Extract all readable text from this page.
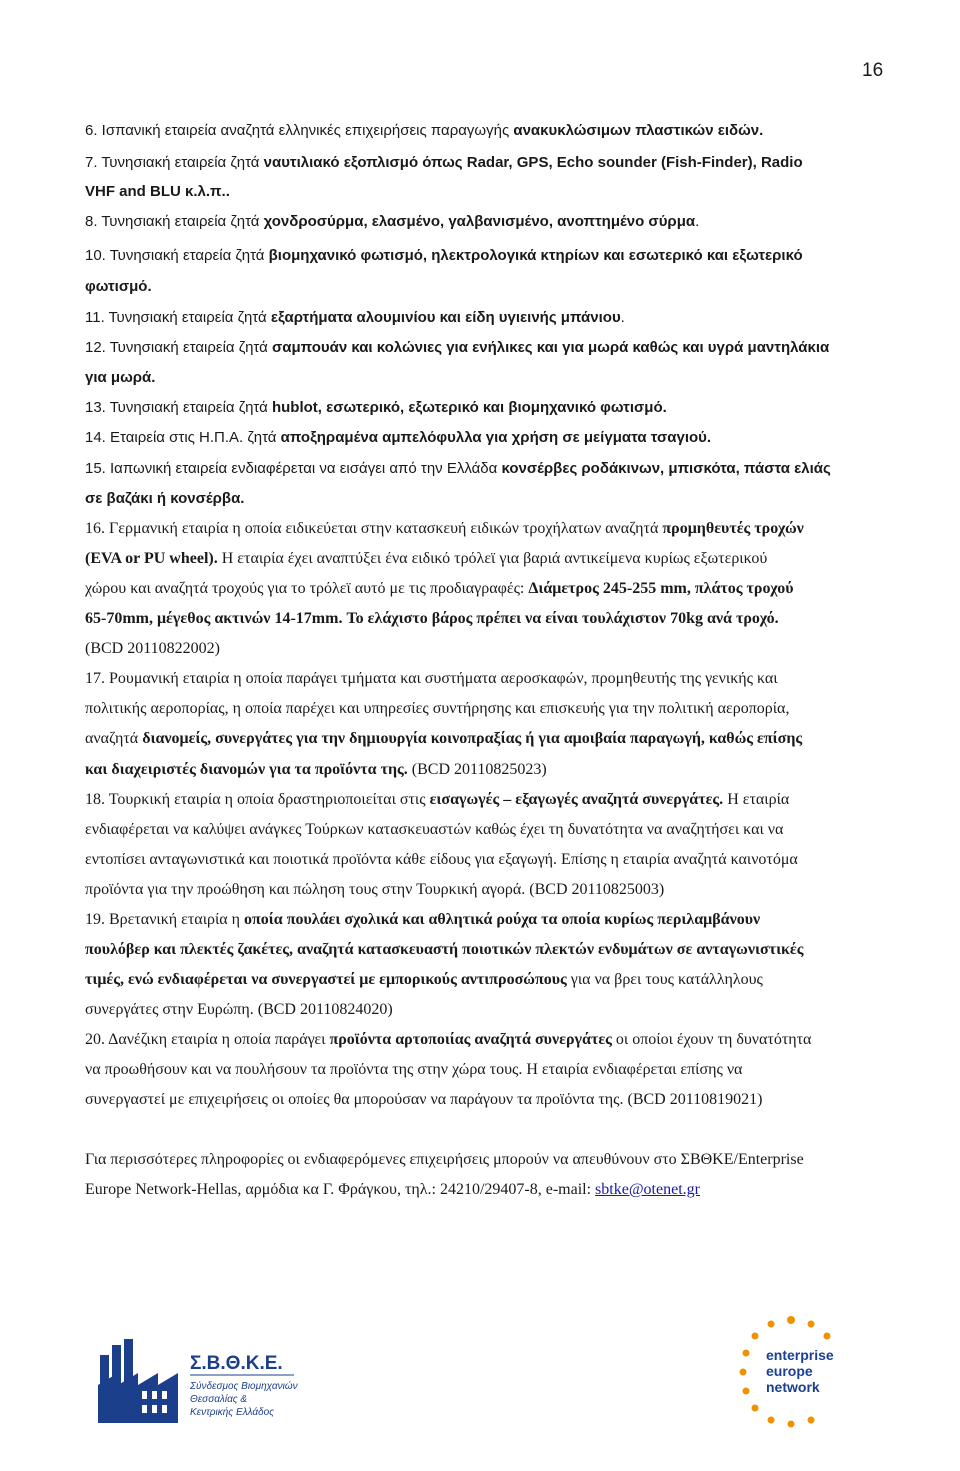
16
6. Ισπανική εταιρεία αναζητά ελληνικές επιχειρήσεις παραγωγής ανακυκλώσιμων πλαστικών ειδών.
7. Τυνησιακή εταιρεία ζητά ναυτιλιακό εξοπλισμό όπως Radar, GPS, Echo sounder (Fish-Finder), Radio
VHF and BLU κ.λ.π..
8. Τυνησιακή εταιρεία ζητά χονδροσύρμα, ελασμένο, γαλβανισμένο, ανοπτημένο σύρμα.
10. Τυνησιακή εταρεία ζητά βιομηχανικό φωτισμό, ηλεκτρολογικά κτηρίων και εσωτερικό και εξωτερικό
φωτισμό.
11. Τυνησιακή εταιρεία ζητά εξαρτήματα αλουμινίου και είδη υγιεινής μπάνιου.
12. Τυνησιακή εταιρεία ζητά σαμπουάν και κολώνιες για ενήλικες και για μωρά καθώς και υγρά μαντηλάκια
για μωρά.
13. Τυνησιακή εταιρεία ζητά hublot, εσωτερικό, εξωτερικό και βιομηχανικό φωτισμό.
14. Εταιρεία στις Η.Π.Α. ζητά αποξηραμένα αμπελόφυλλα για χρήση σε μείγματα τσαγιού.
15. Ιαπωνική εταιρεία ενδιαφέρεται να εισάγει από την Ελλάδα κονσέρβες ροδάκινων, μπισκότα, πάστα ελιάς
σε βαζάκι ή κονσέρβα.
16. Γερμανική εταιρία η οποία ειδικεύεται στην κατασκευή ειδικών τροχήλατων αναζητά προμηθευτές τροχών
(EVA or PU wheel). Η εταιρία έχει αναπτύξει ένα ειδικό τρόλεϊ για βαριά αντικείμενα κυρίως εξωτερικού
χώρου και αναζητά τροχούς για το τρόλεϊ αυτό με τις προδιαγραφές: Διάμετρος 245-255 mm, πλάτος τροχού
65-70mm, μέγεθος ακτινών 14-17mm. Το ελάχιστο βάρος πρέπει να είναι τουλάχιστον 70kg ανά τροχό.
(BCD 20110822002)
17. Ρουμανική εταιρία η οποία παράγει τμήματα και συστήματα αεροσκαφών, προμηθευτής της γενικής και
πολιτικής αεροπορίας, η οποία παρέχει και υπηρεσίες συντήρησης και επισκευής για την πολιτική αεροπορία,
αναζητά διανομείς, συνεργάτες για την δημιουργία κοινοπραξίας ή για αμοιβαία παραγωγή, καθώς επίσης
και διαχειριστές διανομών για τα προϊόντα της. (BCD 20110825023)
18. Τουρκική εταιρία η οποία δραστηριοποιείται στις εισαγωγές – εξαγωγές αναζητά συνεργάτες. Η εταιρία
ενδιαφέρεται να καλύψει ανάγκες Τούρκων κατασκευαστών καθώς έχει τη δυνατότητα να αναζητήσει και να
εντοπίσει ανταγωνιστικά και ποιοτικά προϊόντα κάθε είδους για εξαγωγή. Επίσης η εταιρία αναζητά καινοτόμα
προϊόντα για την προώθηση και πώληση τους στην Τουρκική αγορά. (BCD 20110825003)
19. Βρετανική εταιρία η οποία πουλάει σχολικά και αθλητικά ρούχα τα οποία κυρίως περιλαμβάνουν
πουλόβερ και πλεκτές ζακέτες, αναζητά κατασκευαστή ποιοτικών πλεκτών ενδυμάτων σε ανταγωνιστικές
τιμές, ενώ ενδιαφέρεται να συνεργαστεί με εμπορικούς αντιπροσώπους για να βρει τους κατάλληλους
συνεργάτες στην Ευρώπη. (BCD 20110824020)
20. Δανέζικη εταιρία η οποία παράγει προϊόντα αρτοποιίας αναζητά συνεργάτες οι οποίοι έχουν τη δυνατότητα
να προωθήσουν και να πουλήσουν τα προϊόντα της στην χώρα τους. Η εταιρία ενδιαφέρεται επίσης να
συνεργαστεί με επιχειρήσεις οι οποίες θα μπορούσαν να παράγουν τα προϊόντα της. (BCD 20110819021)
Για περισσότερες πληροφορίες οι ενδιαφερόμενες επιχειρήσεις μπορούν να απευθύνουν στο ΣΒΘΚΕ/Enterprise
Europe Network-Hellas, αρμόδια κα Γ. Φράγκου, τηλ.: 24210/29407-8, e-mail: sbtke@otenet.gr
Σ.Β.Θ.Κ.Ε.
Σύνδεσμος Βιομηχανιών
Θεσσαλίας &
Κεντρικής Ελλάδος
enterprise
europe
network
